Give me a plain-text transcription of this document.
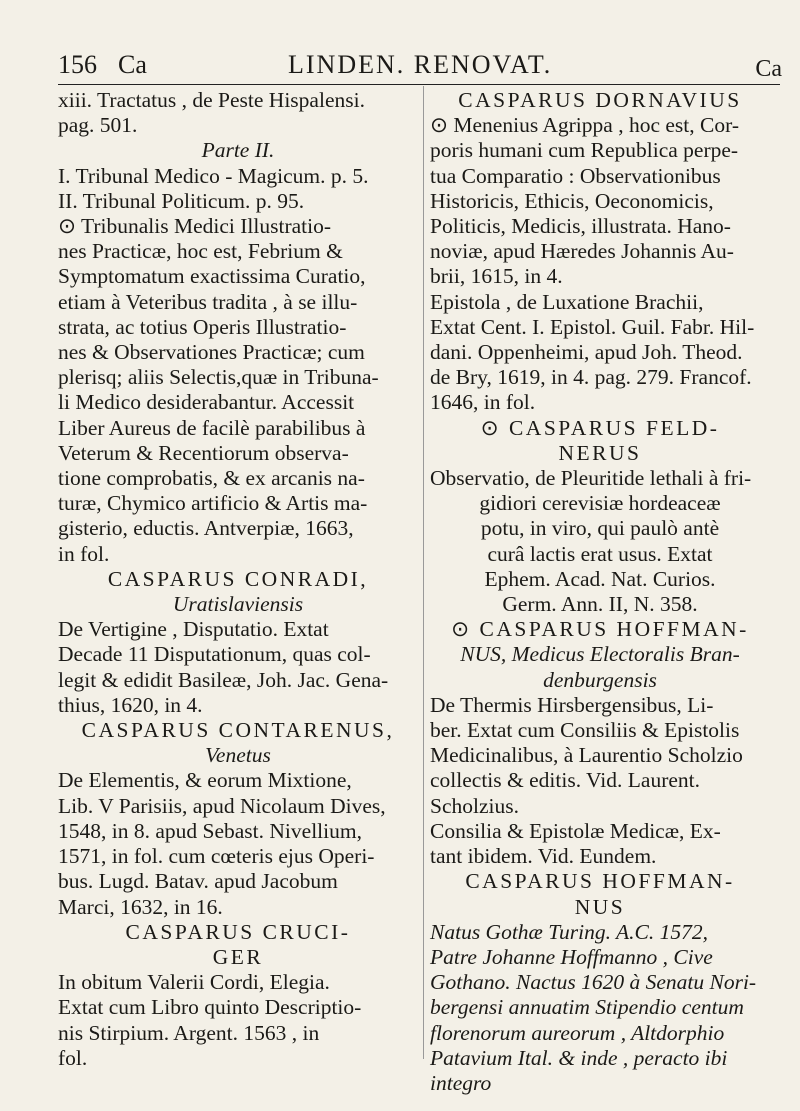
156 Ca	LINDEN. RENOVAT.	Ca
xiii. Tractatus , de Peste Hispalensi.
pag. 501.
Parte II.
I. Tribunal Medico - Magicum. p. 5.
II. Tribunal Politicum. p. 95.
⊙ Tribunalis Medici Illustratio-
nes Practicæ, hoc est, Febrium &
Symptomatum exactissima Curatio,
etiam à Veteribus tradita , à se illu-
strata, ac totius Operis Illustratio-
nes & Observationes Practicæ; cum
plerisq; aliis Selectis,quæ in Tribuna-
li Medico desiderabantur. Accessit
Liber Aureus de facilè parabilibus à
Veterum & Recentiorum observa-
tione comprobatis, & ex arcanis na-
turæ, Chymico artificio & Artis ma-
gisterio, eductis. Antverpiæ, 1663,
in fol.
CASPARUS CONRADI,
Uratislaviensis
De Vertigine , Disputatio. Extat
Decade 11 Disputationum, quas col-
legit & edidit Basileæ, Joh. Jac. Gena-
thius, 1620, in 4.
CASPARUS CONTARENUS,
Venetus
De Elementis, & eorum Mixtione,
Lib. V Parisiis, apud Nicolaum Dives,
1548, in 8. apud Sebast. Nivellium,
1571, in fol. cum cœteris ejus Operi-
bus. Lugd. Batav. apud Jacobum
Marci, 1632, in 16.
CASPARUS CRUCI-
GER
In obitum Valerii Cordi, Elegia.
Extat cum Libro quinto Descriptio-
nis Stirpium. Argent. 1563 , in
fol.
CASPARUS DORNAVIUS
⊙ Menenius Agrippa , hoc est, Cor-
poris humani cum Republica perpe-
tua Comparatio : Observationibus
Historicis, Ethicis, Oeconomicis,
Politicis, Medicis, illustrata. Hano-
noviæ, apud Hæredes Johannis Au-
brii, 1615, in 4.
Epistola , de Luxatione Brachii,
Extat Cent. I. Epistol. Guil. Fabr. Hil-
dani. Oppenheimi, apud Joh. Theod.
de Bry, 1619, in 4. pag. 279. Francof.
1646, in fol.
⊙ CASPARUS FELD-
NERUS
Observatio, de Pleuritide lethali à fri-
gidiori cerevisiæ hordeaceæ
potu, in viro, qui paulò antè
curâ lactis erat usus. Extat
Ephem. Acad. Nat. Curios.
Germ. Ann. II, N. 358.
⊙ CASPARUS HOFFMAN-
NUS, Medicus Electoralis Bran-
denburgensis
De Thermis Hirsbergensibus, Li-
ber. Extat cum Consiliis & Epistolis
Medicinalibus, à Laurentio Scholzio
collectis & editis. Vid. Laurent.
Scholzius.
Consilia & Epistolæ Medicæ, Ex-
tant ibidem. Vid. Eundem.
CASPARUS HOFFMAN-
NUS
Natus Gothæ Turing. A.C. 1572,
Patre Johanne Hoffmanno , Cive
Gothano. Nactus 1620 à Senatu Nori-
bergensi annuatim Stipendio centum
florenorum aureorum , Altdorphio
Patavium Ital. & inde , peracto ibi
integro
